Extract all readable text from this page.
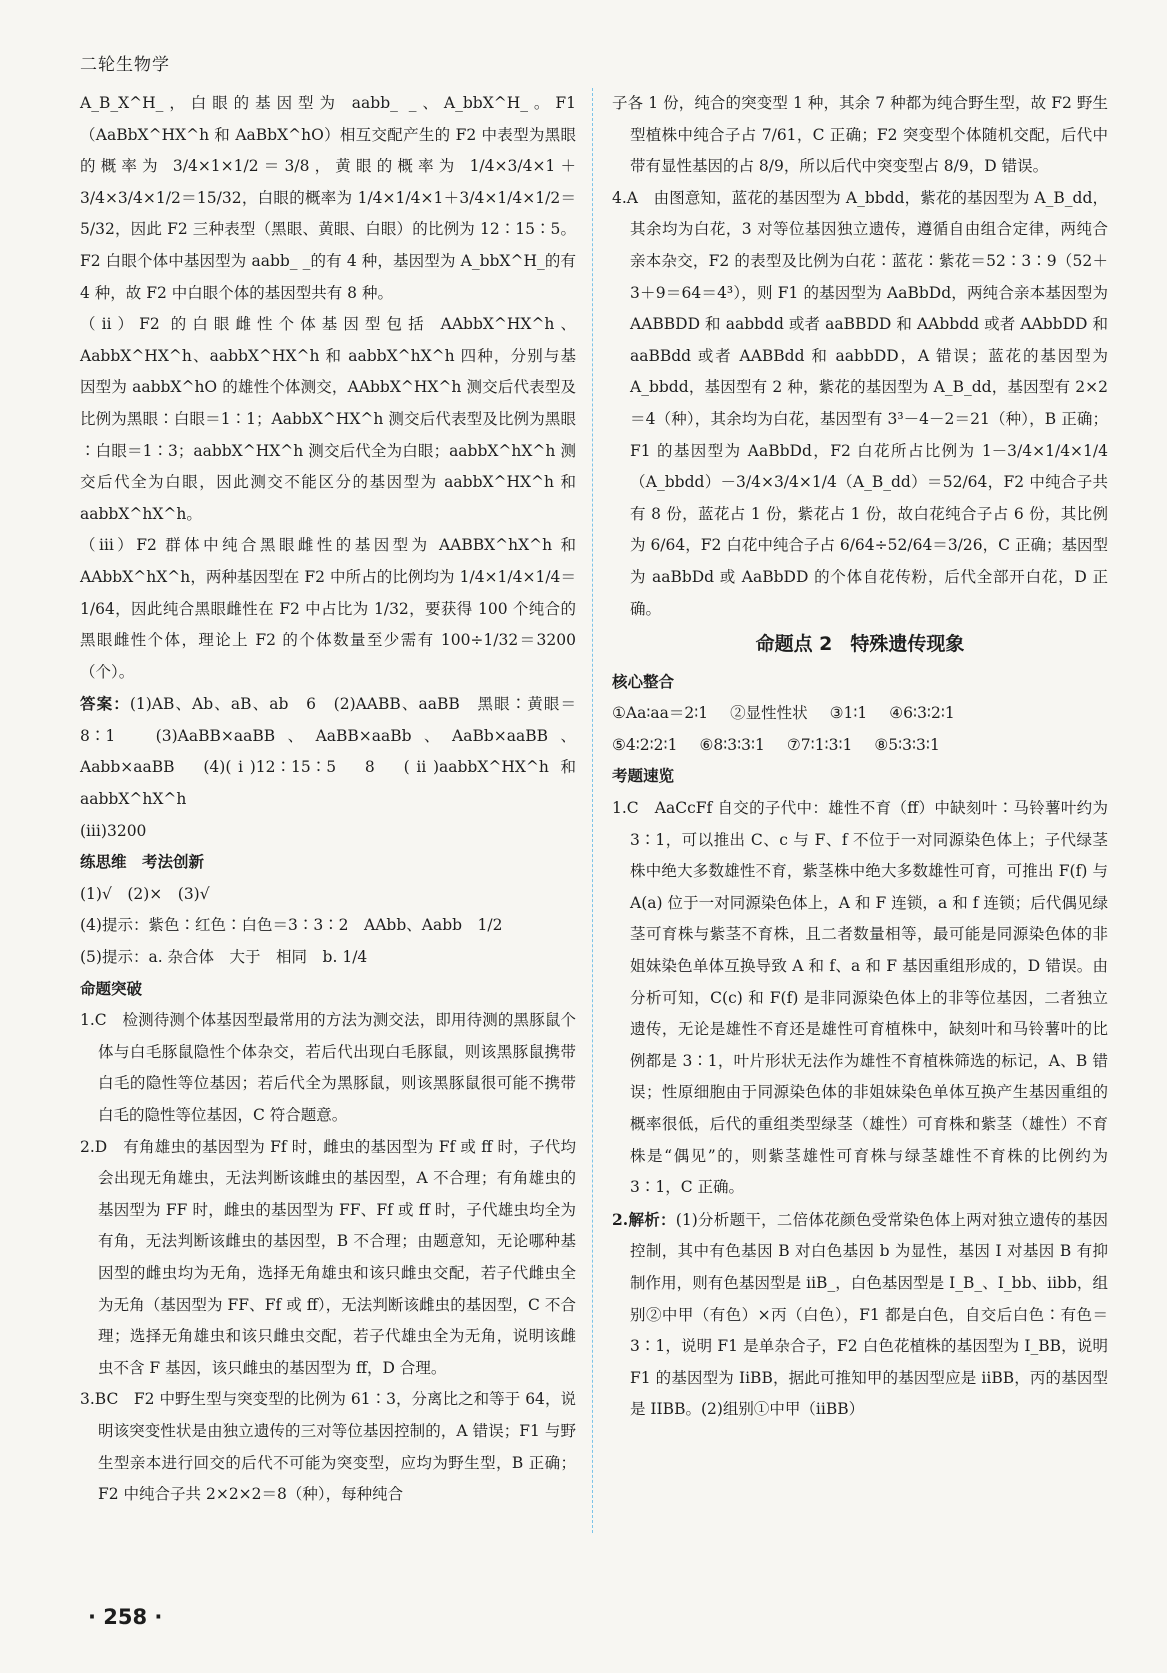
二轮生物学

A_B_X^H_，白眼的基因型为 aabb_ _、A_bbX^H_。F1（AaBbX^HX^h 和 AaBbX^hO）相互交配产生的 F2 中表型为黑眼的概率为 3/4×1×1/2＝3/8，黄眼的概率为 1/4×3/4×1＋3/4×3/4×1/2＝15/32，白眼的概率为 1/4×1/4×1＋3/4×1/4×1/2＝5/32，因此 F2 三种表型（黑眼、黄眼、白眼）的比例为 12∶15∶5。F2 白眼个体中基因型为 aabb_ _的有 4 种，基因型为 A_bbX^H_的有 4 种，故 F2 中白眼个体的基因型共有 8 种。

（ⅱ）F2 的白眼雌性个体基因型包括 AAbbX^HX^h、AabbX^HX^h、aabbX^HX^h 和 aabbX^hX^h 四种，分别与基因型为 aabbX^hO 的雄性个体测交，AAbbX^HX^h 测交后代表型及比例为黑眼∶白眼＝1∶1；AabbX^HX^h 测交后代表型及比例为黑眼∶白眼＝1∶3；aabbX^HX^h 测交后代全为白眼；aabbX^hX^h 测交后代全为白眼，因此测交不能区分的基因型为 aabbX^HX^h 和 aabbX^hX^h。

（ⅲ）F2 群体中纯合黑眼雌性的基因型为 AABBX^hX^h 和 AAbbX^hX^h，两种基因型在 F2 中所占的比例均为 1/4×1/4×1/4＝1/64，因此纯合黑眼雌性在 F2 中占比为 1/32，要获得 100 个纯合的黑眼雌性个体，理论上 F2 的个体数量至少需有 100÷1/32＝3200（个）。

答案：(1)AB、Ab、aB、ab　6　(2)AABB、aaBB　黑眼∶黄眼＝8∶1　(3)AaBB×aaBB、AaBB×aaBb、AaBb×aaBB、Aabb×aaBB　(4)(ⅰ)12∶15∶5　8　(ⅱ)aabbX^HX^h 和 aabbX^hX^h

(ⅲ)3200

练思维　考法创新

(1)√　(2)×　(3)√

(4)提示：紫色∶红色∶白色＝3∶3∶2　AAbb、Aabb　1/2

(5)提示：a. 杂合体　大于　相同　b. 1/4

命题突破

1.C　检测待测个体基因型最常用的方法为测交法，即用待测的黑豚鼠个体与白毛豚鼠隐性个体杂交，若后代出现白毛豚鼠，则该黑豚鼠携带白毛的隐性等位基因；若后代全为黑豚鼠，则该黑豚鼠很可能不携带白毛的隐性等位基因，C 符合题意。

2.D　有角雄虫的基因型为 Ff 时，雌虫的基因型为 Ff 或 ff 时，子代均会出现无角雄虫，无法判断该雌虫的基因型，A 不合理；有角雄虫的基因型为 FF 时，雌虫的基因型为 FF、Ff 或 ff 时，子代雄虫均全为有角，无法判断该雌虫的基因型，B 不合理；由题意知，无论哪种基因型的雌虫均为无角，选择无角雄虫和该只雌虫交配，若子代雌虫全为无角（基因型为 FF、Ff 或 ff），无法判断该雌虫的基因型，C 不合理；选择无角雄虫和该只雌虫交配，若子代雄虫全为无角，说明该雌虫不含 F 基因，该只雌虫的基因型为 ff，D 合理。

3.BC　F2 中野生型与突变型的比例为 61∶3，分离比之和等于 64，说明该突变性状是由独立遗传的三对等位基因控制的，A 错误；F1 与野生型亲本进行回交的后代不可能为突变型，应均为野生型，B 正确；F2 中纯合子共 2×2×2＝8（种），每种纯合

子各 1 份，纯合的突变型 1 种，其余 7 种都为纯合野生型，故 F2 野生型植株中纯合子占 7/61，C 正确；F2 突变型个体随机交配，后代中带有显性基因的占 8/9，所以后代中突变型占 8/9，D 错误。

4.A　由图意知，蓝花的基因型为 A_bbdd，紫花的基因型为 A_B_dd，其余均为白花，3 对等位基因独立遗传，遵循自由组合定律，两纯合亲本杂交，F2 的表型及比例为白花∶蓝花∶紫花＝52∶3∶9（52＋3＋9＝64＝4³），则 F1 的基因型为 AaBbDd，两纯合亲本基因型为 AABBDD 和 aabbdd 或者 aaBBDD 和 AAbbdd 或者 AAbbDD 和 aaBBdd 或者 AABBdd 和 aabbDD，A 错误；蓝花的基因型为 A_bbdd，基因型有 2 种，紫花的基因型为 A_B_dd，基因型有 2×2＝4（种），其余均为白花，基因型有 3³－4－2＝21（种），B 正确；F1 的基因型为 AaBbDd，F2 白花所占比例为 1－3/4×1/4×1/4（A_bbdd）－3/4×3/4×1/4（A_B_dd）＝52/64，F2 中纯合子共有 8 份，蓝花占 1 份，紫花占 1 份，故白花纯合子占 6 份，其比例为 6/64，F2 白花中纯合子占 6/64÷52/64＝3/26，C 正确；基因型为 aaBbDd 或 AaBbDD 的个体自花传粉，后代全部开白花，D 正确。

命题点 2 特殊遗传现象

核心整合

①Aa∶aa＝2∶1 ②显性性状 ③1∶1 ④6∶3∶2∶1
⑤4∶2∶2∶1 ⑥8∶3∶3∶1 ⑦7∶1∶3∶1 ⑧5∶3∶3∶1

考题速览

1.C　AaCcFf 自交的子代中：雄性不育（ff）中缺刻叶∶马铃薯叶约为 3∶1，可以推出 C、c 与 F、f 不位于一对同源染色体上；子代绿茎株中绝大多数雄性不育，紫茎株中绝大多数雄性可育，可推出 F(f) 与 A(a) 位于一对同源染色体上，A 和 F 连锁，a 和 f 连锁；后代偶见绿茎可育株与紫茎不育株，且二者数量相等，最可能是同源染色体的非姐妹染色单体互换导致 A 和 f、a 和 F 基因重组形成的，D 错误。由分析可知，C(c) 和 F(f) 是非同源染色体上的非等位基因，二者独立遗传，无论是雄性不育还是雄性可育植株中，缺刻叶和马铃薯叶的比例都是 3∶1，叶片形状无法作为雄性不育植株筛选的标记，A、B 错误；性原细胞由于同源染色体的非姐妹染色单体互换产生基因重组的概率很低，后代的重组类型绿茎（雄性）可育株和紫茎（雄性）不育株是“偶见”的，则紫茎雄性可育株与绿茎雄性不育株的比例约为 3∶1，C 正确。

2.解析：(1)分析题干，二倍体花颜色受常染色体上两对独立遗传的基因控制，其中有色基因 B 对白色基因 b 为显性，基因 I 对基因 B 有抑制作用，则有色基因型是 iiB_，白色基因型是 I_B_、I_bb、iibb，组别②中甲（有色）×丙（白色），F1 都是白色，自交后白色∶有色＝3∶1，说明 F1 是单杂合子，F2 白色花植株的基因型为 I_BB，说明 F1 的基因型为 IiBB，据此可推知甲的基因型应是 iiBB，丙的基因型是 IIBB。(2)组别①中甲（iiBB）

· 258 ·
